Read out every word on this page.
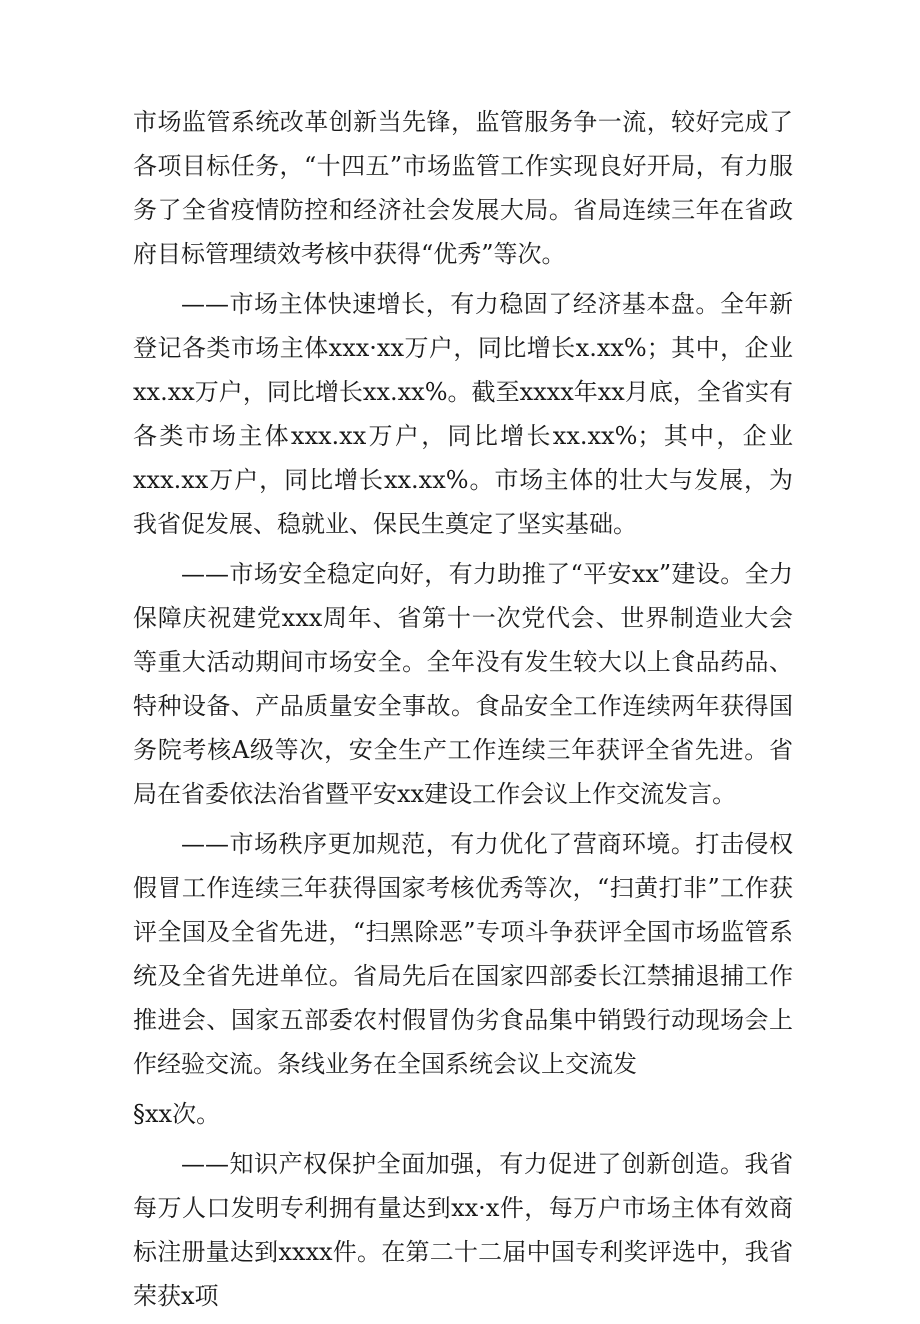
市场监管系统改革创新当先锋，监管服务争一流，较好完成了各项目标任务，“十四五”市场监管工作实现良好开局，有力服务了全省疫情防控和经济社会发展大局。省局连续三年在省政府目标管理绩效考核中获得“优秀”等次。

——市场主体快速增长，有力稳固了经济基本盘。全年新登记各类市场主体xxx·xx万户，同比增长x.xx%；其中，企业xx.xx万户，同比增长xx.xx%。截至xxxx年xx月底，全省实有各类市场主体xxx.xx万户，同比增长xx.xx%；其中，企业xxx.xx万户，同比增长xx.xx%。市场主体的壮大与发展，为我省促发展、稳就业、保民生奠定了坚实基础。

——市场安全稳定向好，有力助推了“平安xx”建设。全力保障庆祝建党xxx周年、省第十一次党代会、世界制造业大会等重大活动期间市场安全。全年没有发生较大以上食品药品、特种设备、产品质量安全事故。食品安全工作连续两年获得国务院考核A级等次，安全生产工作连续三年获评全省先进。省局在省委依法治省暨平安xx建设工作会议上作交流发言。

——市场秩序更加规范，有力优化了营商环境。打击侵权假冒工作连续三年获得国家考核优秀等次，“扫黄打非”工作获评全国及全省先进，“扫黑除恶”专项斗争获评全国市场监管系统及全省先进单位。省局先后在国家四部委长江禁捕退捕工作推进会、国家五部委农村假冒伪劣食品集中销毁行动现场会上作经验交流。条线业务在全国系统会议上交流发

§xx次。

——知识产权保护全面加强，有力促进了创新创造。我省每万人口发明专利拥有量达到xx·x件，每万户市场主体有效商标注册量达到xxxx件。在第二十二届中国专利奖评选中，我省荣获x项
